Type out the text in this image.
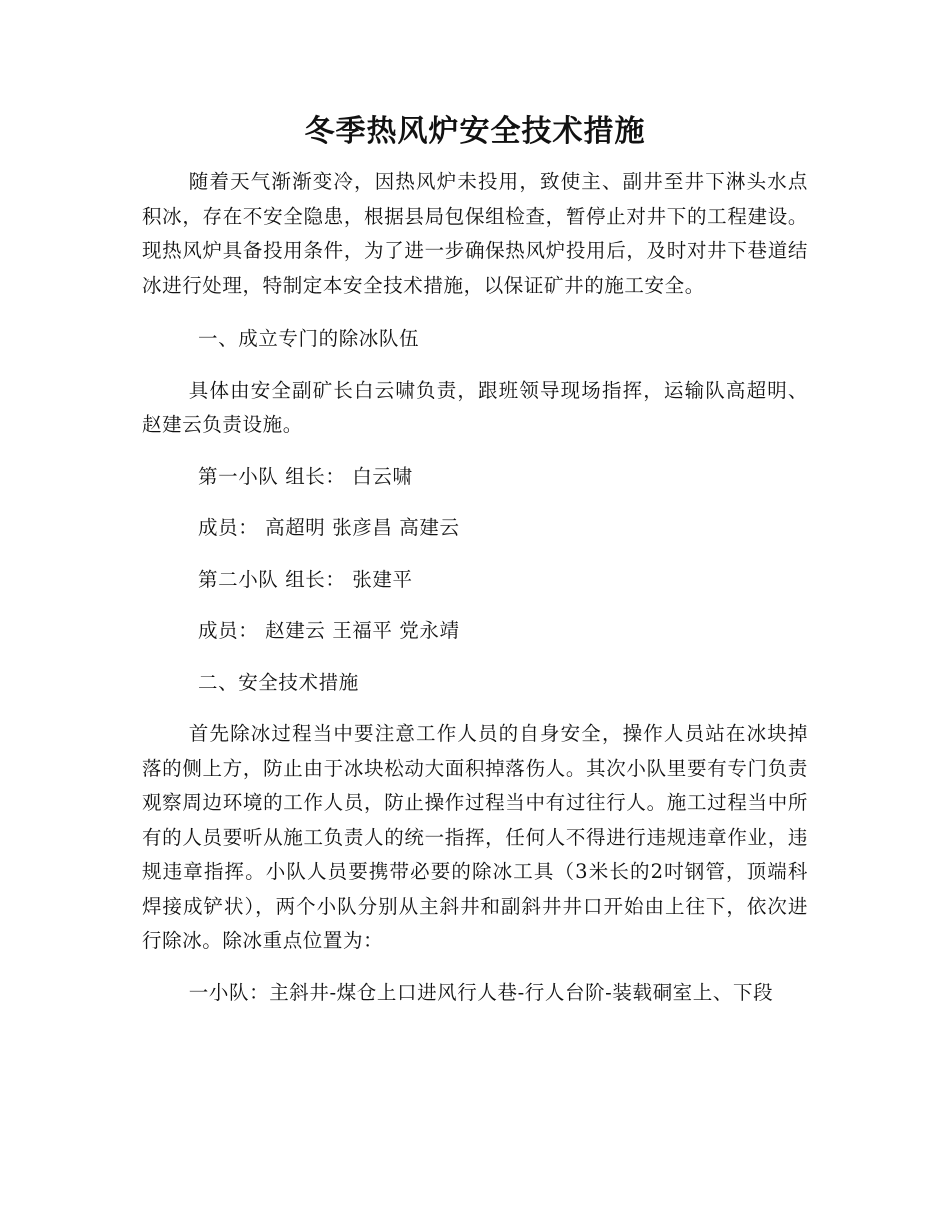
冬季热风炉安全技术措施

随着天气渐渐变冷，因热风炉未投用，致使主、副井至井下淋头水点积冰，存在不安全隐患，根据县局包保组检查，暂停止对井下的工程建设。现热风炉具备投用条件，为了进一步确保热风炉投用后，及时对井下巷道结冰进行处理，特制定本安全技术措施，以保证矿井的施工安全。

一、成立专门的除冰队伍

具体由安全副矿长白云啸负责，跟班领导现场指挥，运输队高超明、赵建云负责设施。

第一小队 组长： 白云啸

成员： 高超明 张彦昌 高建云

第二小队 组长： 张建平

成员： 赵建云 王福平 党永靖

二、安全技术措施

首先除冰过程当中要注意工作人员的自身安全，操作人员站在冰块掉落的侧上方，防止由于冰块松动大面积掉落伤人。其次小队里要有专门负责观察周边环境的工作人员，防止操作过程当中有过往行人。施工过程当中所有的人员要听从施工负责人的统一指挥，任何人不得进行违规违章作业，违规违章指挥。小队人员要携带必要的除冰工具（3米长的2吋钢管，顶端科焊接成铲状），两个小队分别从主斜井和副斜井井口开始由上往下，依次进行除冰。除冰重点位置为：

一小队：主斜井-煤仓上口进风行人巷-行人台阶-装载硐室上、下段
